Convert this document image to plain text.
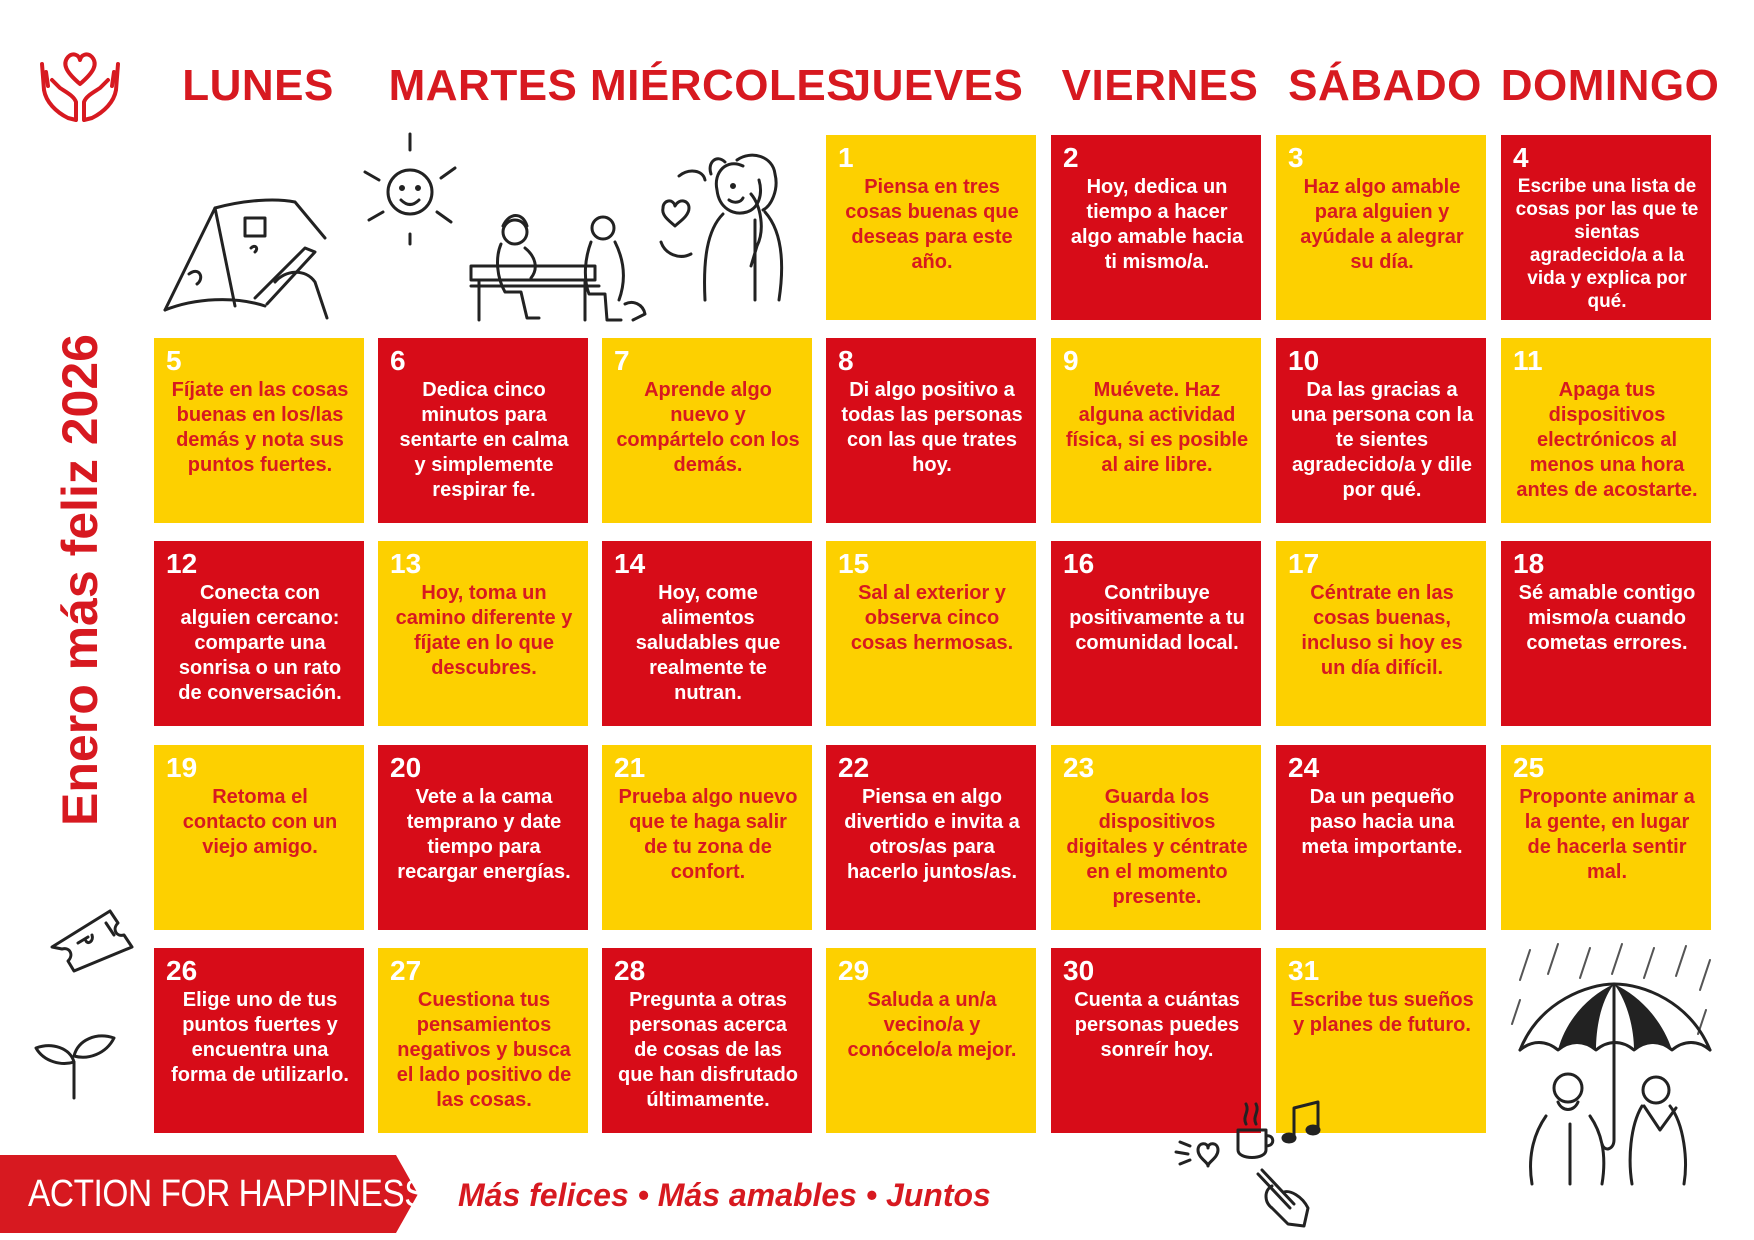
LUNES	MARTES MIÉRCOLES
JUEVES VIERNES SÁBADO DOMINGO
Enero más feliz 2026
1
Piensa en tres cosas buenas que deseas para este año.
2
Hoy, dedica un tiempo a hacer algo amable hacia ti mismo/a.
3
Haz algo amable para alguien y ayúdale a alegrar su día.
4
Escribe una lista de cosas por las que te sientas agradecido/a a la vida y explica por qué.
5
Fíjate en las cosas buenas en los/las demás y nota sus puntos fuertes.
6
Dedica cinco minutos para sentarte en calma y simplemente respirar fe.
7
Aprende algo nuevo y compártelo con los demás.
8
Di algo positivo a todas las personas con las que trates hoy.
9
Muévete. Haz alguna actividad física, si es posible al aire libre.
10
Da las gracias a una persona con la te sientes agradecido/a y dile por qué.
11
Apaga tus dispositivos electrónicos al menos una hora antes de acostarte.
12
Conecta con alguien cercano: comparte una sonrisa o un rato de conversación.
13
Hoy, toma un camino diferente y fíjate en lo que descubres.
14
Hoy, come alimentos saludables que realmente te nutran.
15
Sal al exterior y observa cinco cosas hermosas.
16
Contribuye positivamente a tu comunidad local.
17
Céntrate en las cosas buenas, incluso si hoy es un día difícil.
18
Sé amable contigo mismo/a cuando cometas errores.
19
Retoma el contacto con un viejo amigo.
20
Vete a la cama temprano y date tiempo para recargar energías.
21
Prueba algo nuevo que te haga salir de tu zona de confort.
22
Piensa en algo divertido e invita a otros/as para hacerlo juntos/as.
23
Guarda los dispositivos digitales y céntrate en el momento presente.
24
Da un pequeño paso hacia una meta importante.
25
Proponte animar a la gente, en lugar de hacerla sentir mal.
26
Elige uno de tus puntos fuertes y encuentra una forma de utilizarlo.
27
Cuestiona tus pensamientos negativos y busca el lado positivo de las cosas.
28
Pregunta a otras personas acerca de cosas de las que han disfrutado últimamente.
29
Saluda a un/a vecino/a y conócelo/a mejor.
30
Cuenta a cuántas personas puedes sonreír hoy.
31
Escribe tus sueños y planes de futuro.
ACTION FOR HAPPINESS Más felices • Más amables • Juntos
